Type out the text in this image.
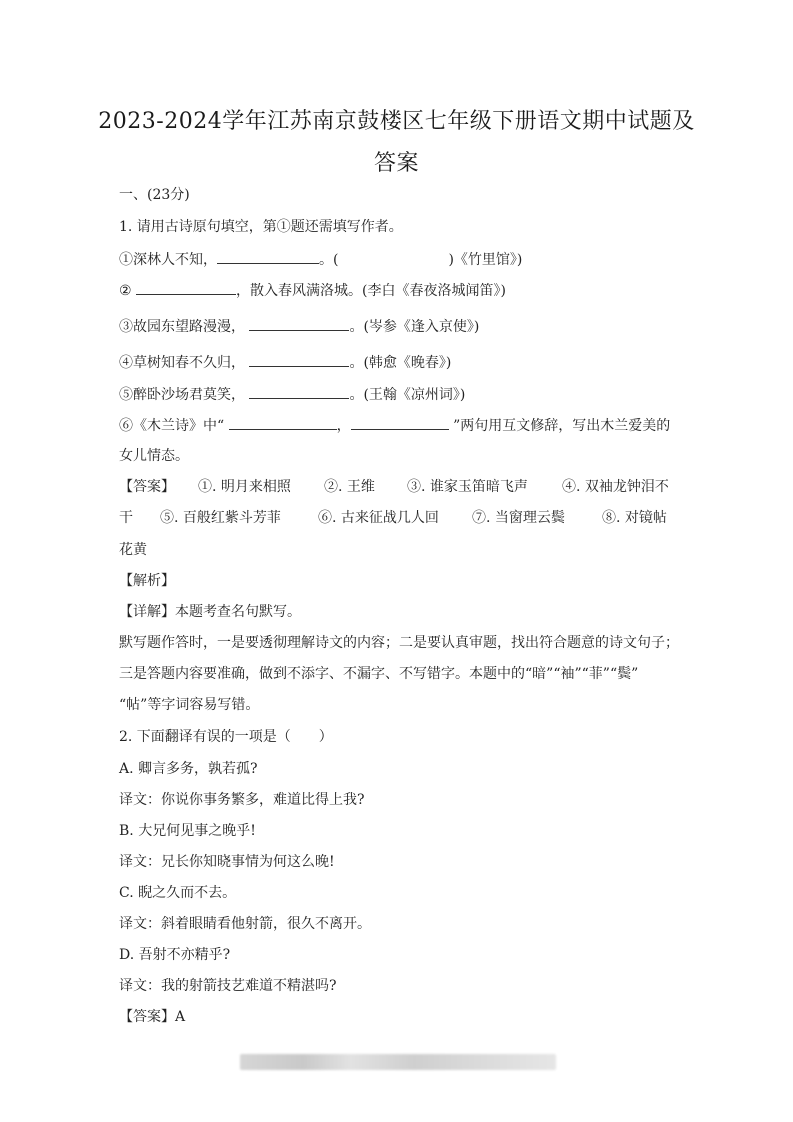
2023-2024学年江苏南京鼓楼区七年级下册语文期中试题及
答案
一、(23分)
1. 请用古诗原句填空，第①题还需填写作者。
①深林人不知，	。(	)《竹里馆》)
②	，散入春风满洛城。(李白《春夜洛城闻笛》)
③故园东望路漫漫，	。(岑参《逢入京使》)
④草树知春不久归，	。(韩愈《晚春》)
⑤醉卧沙场君莫笑，	。(王翰《凉州词》)
⑥《木兰诗》中“	，	”两句用互文修辞，写出木兰爱美的
女儿情态。
【答案】 ①. 明月来相照 ②. 王维 ③. 谁家玉笛暗飞声 ④. 双袖龙钟泪不
干 ⑤. 百般红紫斗芳菲	⑥. 古来征战几人回 ⑦. 当窗理云鬓	⑧. 对镜帖
花黄
【解析】
【详解】本题考查名句默写。
默写题作答时，一是要透彻理解诗文的内容；二是要认真审题，找出符合题意的诗文句子；
三是答题内容要准确，做到不添字、不漏字、不写错字。本题中的“暗”“袖”“菲”“鬓”
“帖”等字词容易写错。
2. 下面翻译有误的一项是（　　）
A. 卿言多务，孰若孤?
译文：你说你事务繁多，难道比得上我?
B. 大兄何见事之晚乎!
译文：兄长你知晓事情为何这么晚!
C. 睨之久而不去。
译文：斜着眼睛看他射箭，很久不离开。
D. 吾射不亦精乎?
译文：我的射箭技艺难道不精湛吗?
【答案】A
